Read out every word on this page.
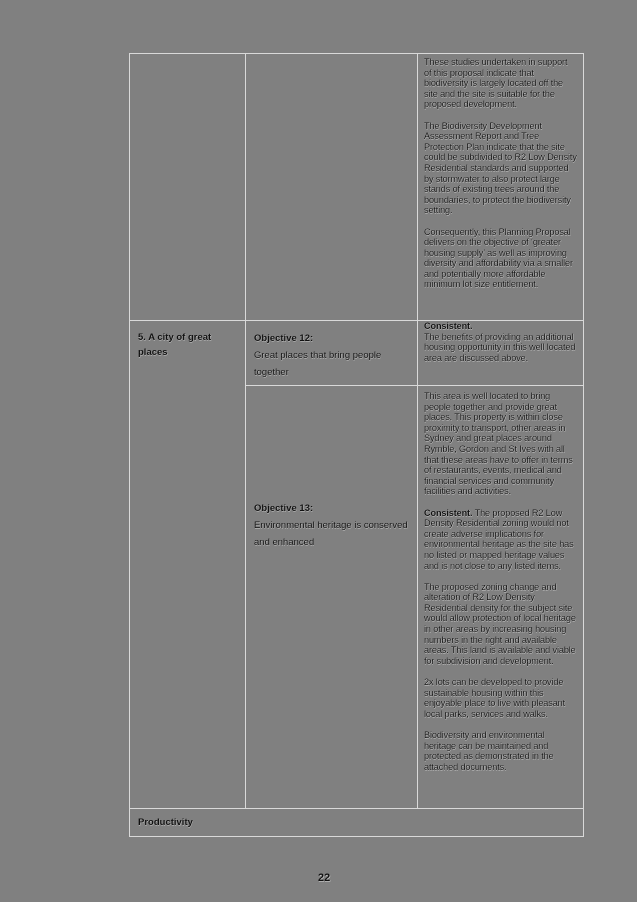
These studies undertaken in support of this proposal indicate that biodiversity is largely located off the site and the site is suitable for the proposed development.

The Biodiversity Development Assessment Report and Tree Protection Plan indicate that the site could be subdivided to R2 Low Density Residential standards and supported by stormwater to also protect large stands of existing trees around the boundaries, to protect the biodiversity setting.

Consequently, this Planning Proposal delivers on the objective of ‘greater housing supply’ as well as improving diversity and affordability via a smaller and potentially more affordable minimum lot size entitlement.

5. A city of great places
Objective 12:
Great places that bring people together
Objective 13:
Environmental heritage is conserved and enhanced
Consistent.
The benefits of providing an additional housing opportunity in this well located area are discussed above.

This area is well located to bring people together and provide great places. This property is within close proximity to transport, other areas in Sydney and great places around Rymble, Gordon and St Ives with all that these areas have to offer in terms of restaurants, events, medical and financial services and community facilities and activities.

Consistent. The proposed R2 Low Density Residential zoning would not create adverse implications for environmental heritage as the site has no listed or mapped heritage values and is not close to any listed items.

The proposed zoning change and alteration of R2 Low Density Residential density for the subject site would allow protection of local heritage in other areas by increasing housing numbers in the right and available areas. This land is available and viable for subdivision and development.

2x lots can be developed to provide sustainable housing within this enjoyable place to live with pleasant local parks, services and walks.

Biodiversity and environmental heritage can be maintained and protected as demonstrated in the attached documents.

Productivity
22
